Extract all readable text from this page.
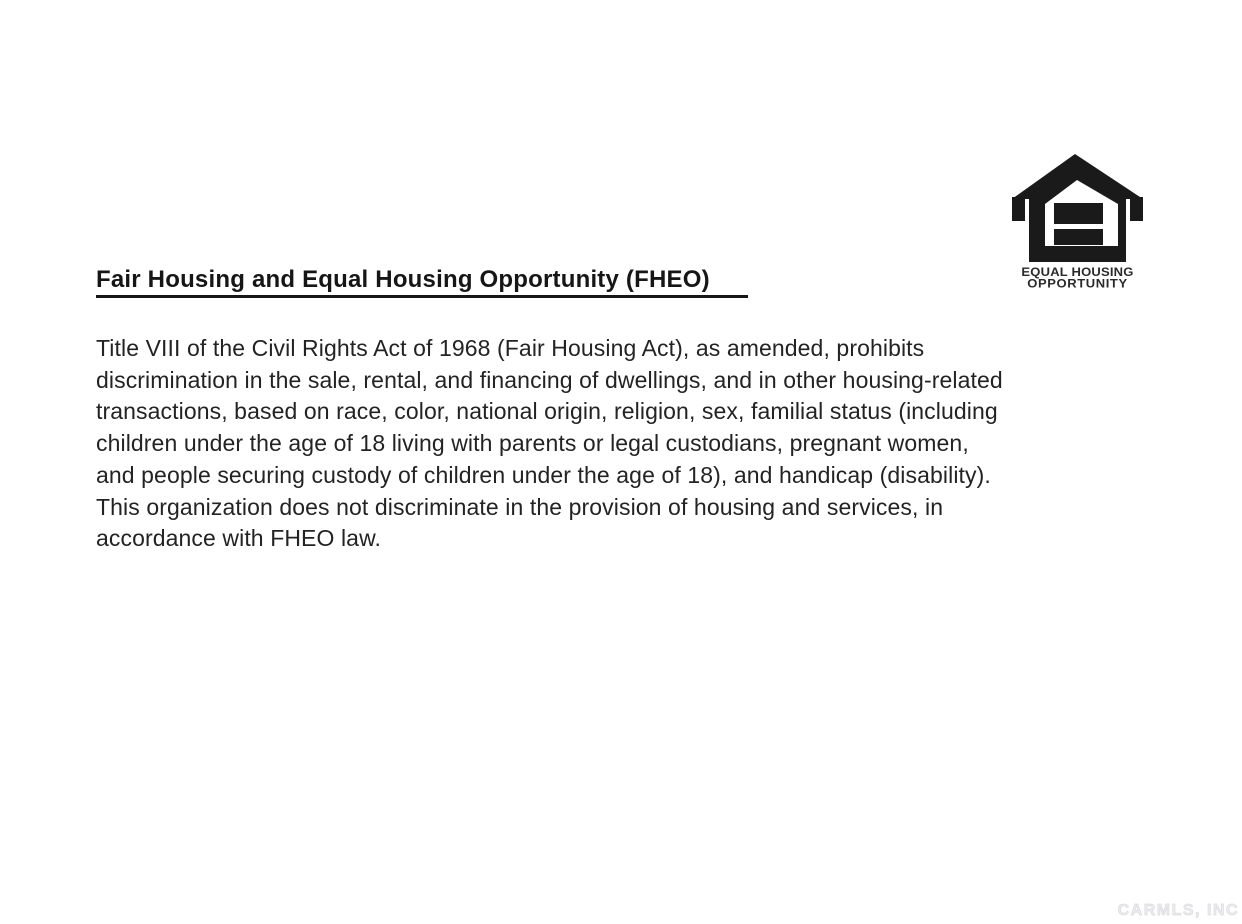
Fair Housing and Equal Housing Opportunity (FHEO)
Title VIII of the Civil Rights Act of 1968 (Fair Housing Act), as amended, prohibits
discrimination in the sale, rental, and financing of dwellings, and in other housing-related
transactions, based on race, color, national origin, religion, sex, familial status (including
children under the age of 18 living with parents or legal custodians, pregnant women,
and people securing custody of children under the age of 18), and handicap (disability).
This organization does not discriminate in the provision of housing and services, in
accordance with FHEO law.
EQUAL HOUSING
OPPORTUNITY
CARMLS, INC
